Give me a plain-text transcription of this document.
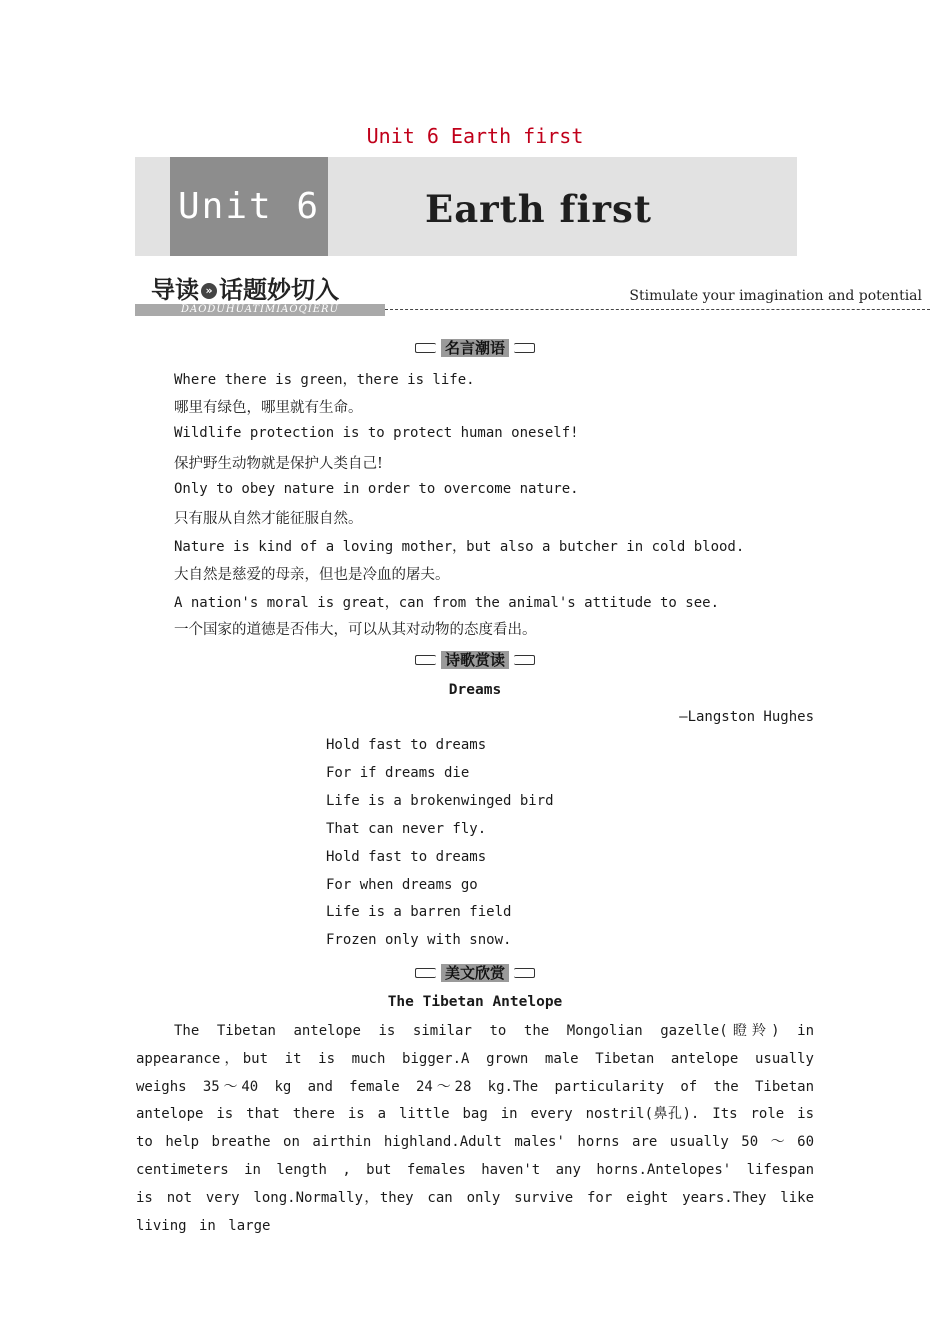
Unit 6 Earth first
Unit 6	Earth first
导读 » 话题妙切入
DAODUHUATIMIAOQIERU
Stimulate your imagination and potential
名言潮语
Where there is green，there is life.
哪里有绿色，哪里就有生命。
Wildlife protection is to protect human oneself!
保护野生动物就是保护人类自己!
Only to obey nature in order to overcome nature.
只有服从自然才能征服自然。
Nature is kind of a loving mother，but also a butcher in cold blood.
大自然是慈爱的母亲，但也是冷血的屠夫。
A nation's moral is great，can from the animal's attitude to see.
一个国家的道德是否伟大，可以从其对动物的态度看出。
诗歌赏读
Dreams
—Langston Hughes
Hold fast to dreams
For if dreams die
Life is a brokenwinged bird
That can never fly.
Hold fast to dreams
For when dreams go
Life is a barren field
Frozen only with snow.
美文欣赏
The Tibetan Antelope
The Tibetan antelope is similar to the Mongolian gazelle(瞪羚) in appearance，but it is much bigger.A grown male Tibetan antelope usually weighs 35～40 kg and female 24～28 kg.The particularity of the Tibetan antelope is that there is a little bag in every nostril(鼻孔). Its role is to help breathe on airthin highland.Adult males' horns are usually 50 ～ 60 centimeters in length , but females haven't any horns.Antelopes' lifespan is not very long.Normally，they can only survive for eight years.They like living in large
